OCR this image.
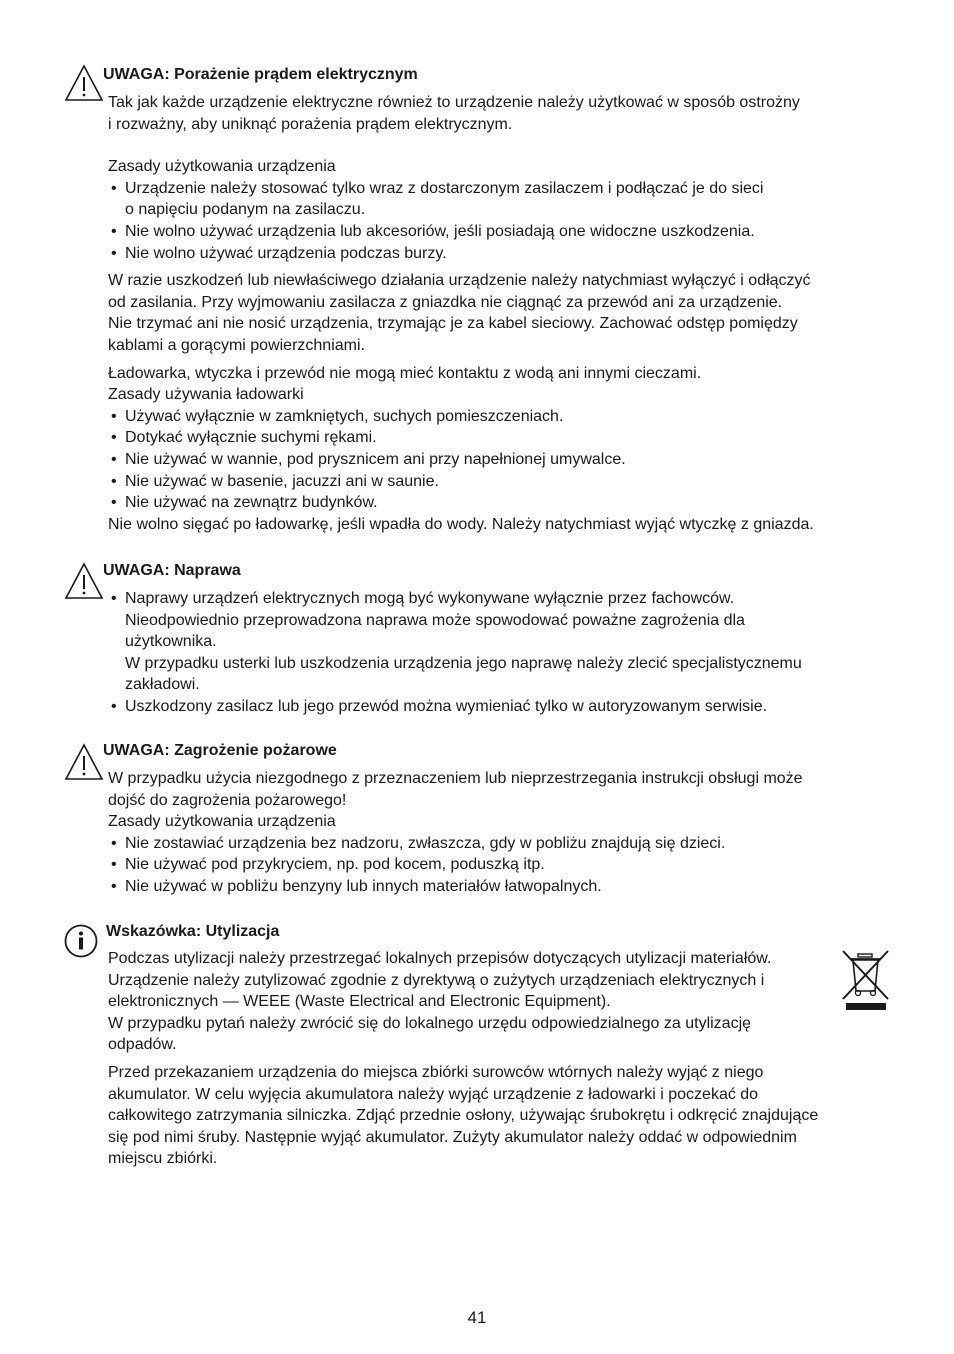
UWAGA: Porażenie prądem elektrycznym

Tak jak każde urządzenie elektryczne również to urządzenie należy użytkować w sposób ostrożny

i rozważny, aby uniknąć porażenia prądem elektrycznym.

Zasady użytkowania urządzenia

• Urządzenie należy stosować tylko wraz z dostarczonym zasilaczem i podłączać je do sieci

o napięciu podanym na zasilaczu.

• Nie wolno używać urządzenia lub akcesoriów, jeśli posiadają one widoczne uszkodzenia.

• Nie wolno używać urządzenia podczas burzy.

W razie uszkodzeń lub niewłaściwego działania urządzenie należy natychmiast wyłączyć i odłączyć

od zasilania. Przy wyjmowaniu zasilacza z gniazdka nie ciągnąć za przewód ani za urządzenie.

Nie trzymać ani nie nosić urządzenia, trzymając je za kabel sieciowy. Zachować odstęp pomiędzy

kablami a gorącymi powierzchniami.

Ładowarka, wtyczka i przewód nie mogą mieć kontaktu z wodą ani innymi cieczami.

Zasady używania ładowarki

• Używać wyłącznie w zamkniętych, suchych pomieszczeniach.

• Dotykać wyłącznie suchymi rękami.

• Nie używać w wannie, pod prysznicem ani przy napełnionej umywalce.

• Nie używać w basenie, jacuzzi ani w saunie.

• Nie używać na zewnątrz budynków.

Nie wolno sięgać po ładowarkę, jeśli wpadła do wody. Należy natychmiast wyjąć wtyczkę z gniazda.

UWAGA: Naprawa

• Naprawy urządzeń elektrycznych mogą być wykonywane wyłącznie przez fachowców.

Nieodpowiednio przeprowadzona naprawa może spowodować poważne zagrożenia dla

użytkownika.

W przypadku usterki lub uszkodzenia urządzenia jego naprawę należy zlecić specjalistycznemu

zakładowi.

• Uszkodzony zasilacz lub jego przewód można wymieniać tylko w autoryzowanym serwisie.

UWAGA: Zagrożenie pożarowe

W przypadku użycia niezgodnego z przeznaczeniem lub nieprzestrzegania instrukcji obsługi może

dojść do zagrożenia pożarowego!

Zasady użytkowania urządzenia

• Nie zostawiać urządzenia bez nadzoru, zwłaszcza, gdy w pobliżu znajdują się dzieci.

• Nie używać pod przykryciem, np. pod kocem, poduszką itp.

• Nie używać w pobliżu benzyny lub innych materiałów łatwopalnych.

Wskazówka: Utylizacja

Podczas utylizacji należy przestrzegać lokalnych przepisów dotyczących utylizacji materiałów.

Urządzenie należy zutylizować zgodnie z dyrektywą o zużytych urządzeniach elektrycznych i

elektronicznych — WEEE (Waste Electrical and Electronic Equipment).

W przypadku pytań należy zwrócić się do lokalnego urzędu odpowiedzialnego za utylizację

odpadów.

Przed przekazaniem urządzenia do miejsca zbiórki surowców wtórnych należy wyjąć z niego

akumulator. W celu wyjęcia akumulatora należy wyjąć urządzenie z ładowarki i poczekać do

całkowitego zatrzymania silniczka. Zdjąć przednie osłony, używając śrubokrętu i odkręcić znajdujące

się pod nimi śruby. Następnie wyjąć akumulator. Zużyty akumulator należy oddać w odpowiednim

miejscu zbiórki.

41
